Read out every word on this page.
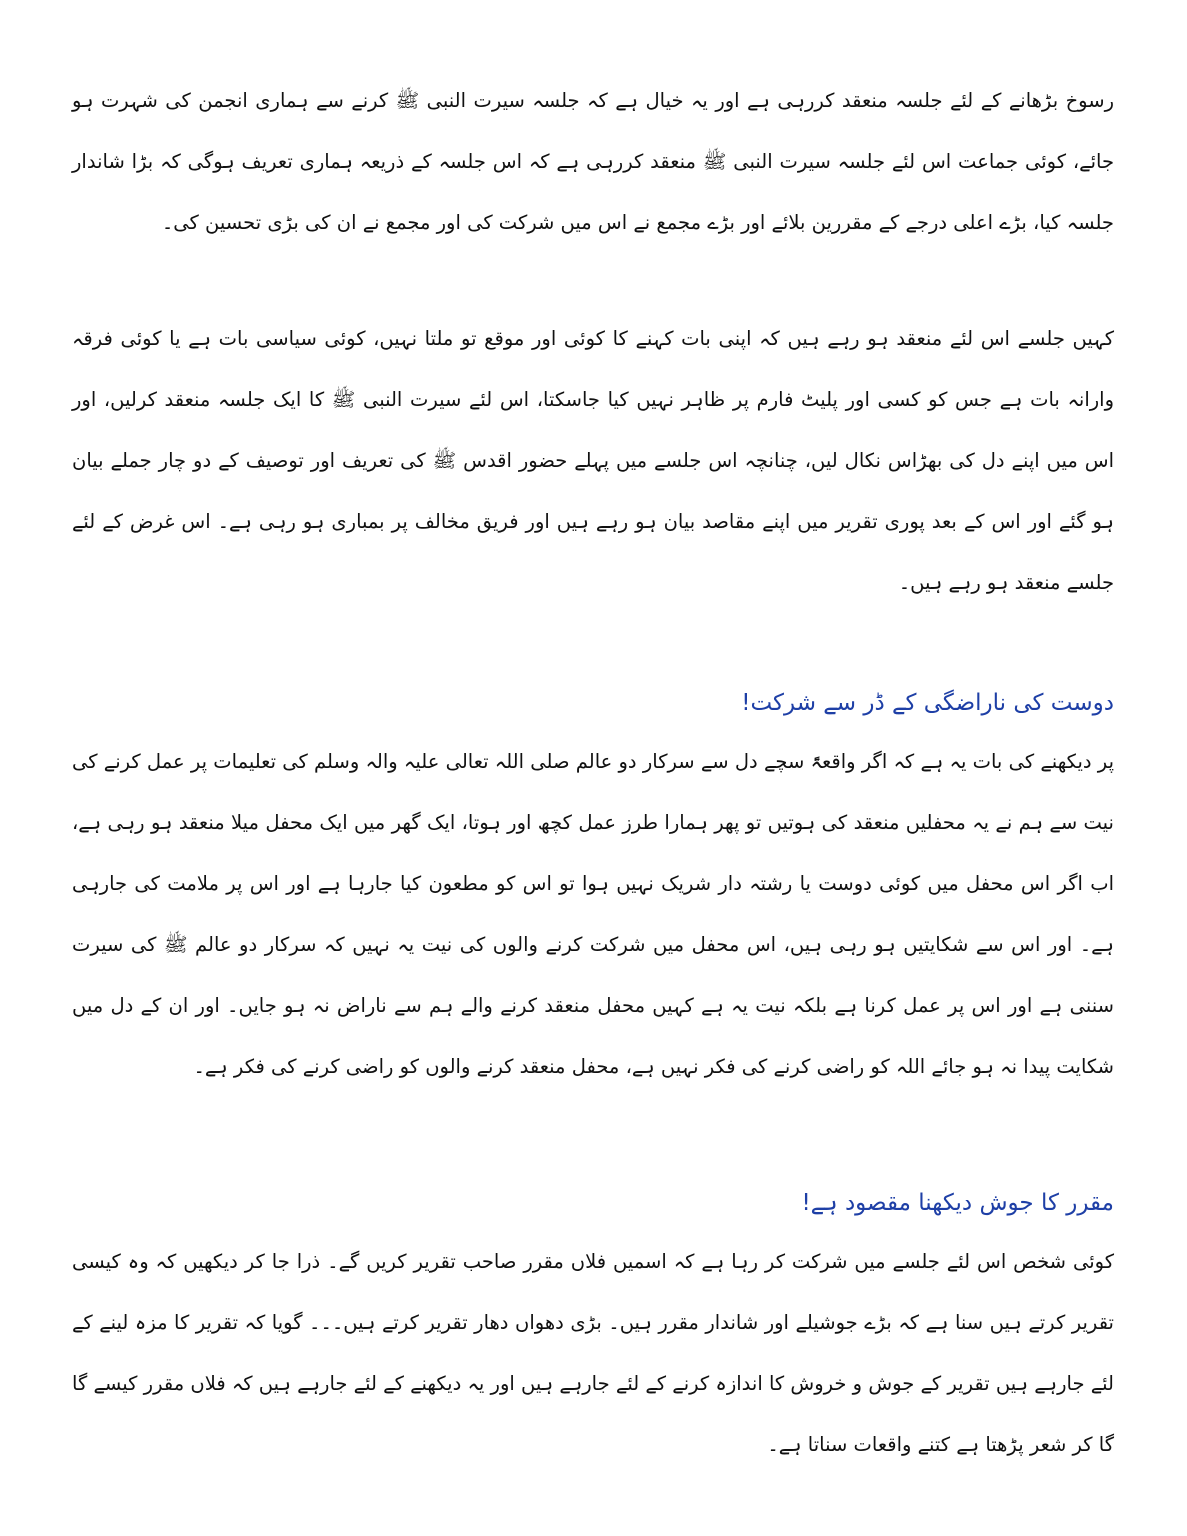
رسوخ بڑھانے کے لئے جلسہ منعقد کررہی ہے اور یہ خیال ہے کہ جلسہ سیرت النبی ﷺ کرنے سے ہماری انجمن کی شہرت ہو جائے، کوئی جماعت اس لئے جلسہ سیرت النبی ﷺ منعقد کررہی ہے کہ اس جلسہ کے ذریعہ ہماری تعریف ہوگی کہ بڑا شاندار جلسہ کیا، بڑے اعلی درجے کے مقررین بلائے اور بڑے مجمع نے اس میں شرکت کی اور مجمع نے ان کی بڑی تحسین کی۔

کہیں جلسے اس لئے منعقد ہو رہے ہیں کہ اپنی بات کہنے کا کوئی اور موقع تو ملتا نہیں، کوئی سیاسی بات ہے یا کوئی فرقہ وارانہ بات ہے جس کو کسی اور پلیٹ فارم پر ظاہر نہیں کیا جاسکتا، اس لئے سیرت النبی ﷺ کا ایک جلسہ منعقد کرلیں، اور اس میں اپنے دل کی بھڑاس نکال لیں، چنانچہ اس جلسے میں پہلے حضور اقدس ﷺ کی تعریف اور توصیف کے دو چار جملے بیان ہو گئے اور اس کے بعد پوری تقریر میں اپنے مقاصد بیان ہو رہے ہیں اور فریق مخالف پر بمباری ہو رہی ہے۔ اس غرض کے لئے جلسے منعقد ہو رہے ہیں۔

دوست کی ناراضگی کے ڈر سے شرکت!

پر دیکھنے کی بات یہ ہے کہ اگر واقعۃً سچے دل سے سرکار دو عالم صلی اللہ تعالی علیہ والہ وسلم کی تعلیمات پر عمل کرنے کی نیت سے ہم نے یہ محفلیں منعقد کی ہوتیں تو پھر ہمارا طرز عمل کچھ اور ہوتا، ایک گھر میں ایک محفل میلا منعقد ہو رہی ہے، اب اگر اس محفل میں کوئی دوست یا رشتہ دار شریک نہیں ہوا تو اس کو مطعون کیا جارہا ہے اور اس پر ملامت کی جارہی ہے۔ اور اس سے شکایتیں ہو رہی ہیں، اس محفل میں شرکت کرنے والوں کی نیت یہ نہیں کہ سرکار دو عالم ﷺ کی سیرت سننی ہے اور اس پر عمل کرنا ہے بلکہ نیت یہ ہے کہیں محفل منعقد کرنے والے ہم سے ناراض نہ ہو جایں۔ اور ان کے دل میں شکایت پیدا نہ ہو جائے اللہ کو راضی کرنے کی فکر نہیں ہے، محفل منعقد کرنے والوں کو راضی کرنے کی فکر ہے۔

مقرر کا جوش دیکھنا مقصود ہے!

کوئی شخص اس لئے جلسے میں شرکت کر رہا ہے کہ اسمیں فلاں مقرر صاحب تقریر کریں گے۔ ذرا جا کر دیکھیں کہ وہ کیسی تقریر کرتے ہیں سنا ہے کہ بڑے جوشیلے اور شاندار مقرر ہیں۔ بڑی دھواں دھار تقریر کرتے ہیں۔۔۔ گویا کہ تقریر کا مزہ لینے کے لئے جارہے ہیں تقریر کے جوش و خروش کا اندازہ کرنے کے لئے جارہے ہیں اور یہ دیکھنے کے لئے جارہے ہیں کہ فلاں مقرر کیسے گا گا کر شعر پڑھتا ہے کتنے واقعات سناتا ہے۔
